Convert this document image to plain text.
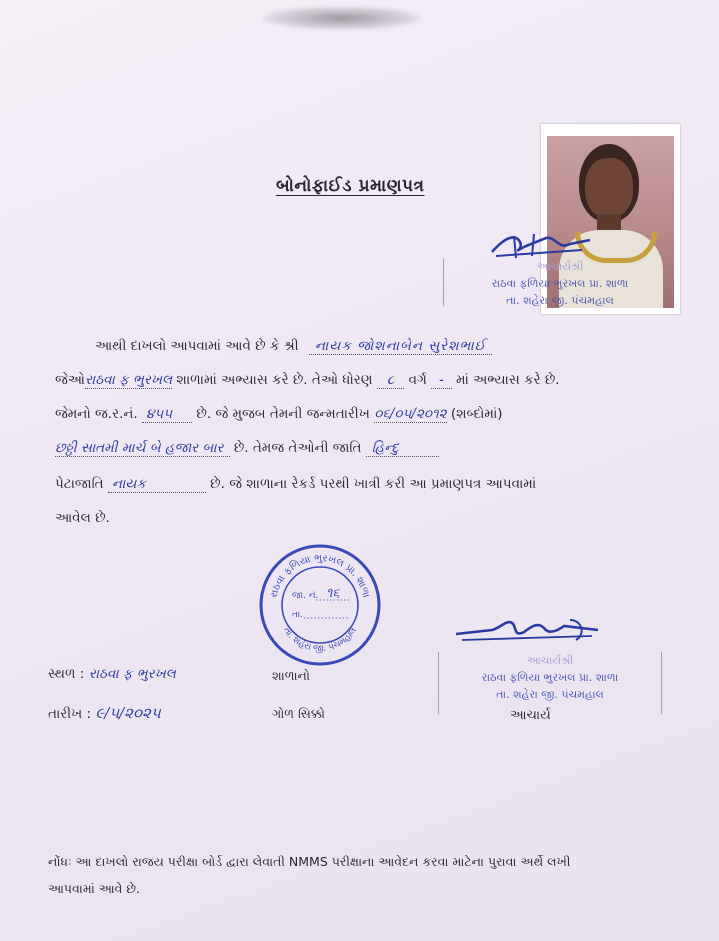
બોનોફાઈડ પ્રમાણપત્ર
આચાર્યશ્રી
રાઠવા ફળિયા ભુરખલ પ્રા. શાળા
તા. શહેરા જી. પંચમહાલ
આથી દાખલો આપવામાં આવે છે કે શ્રી નાયક જોશનાબેન સુરેશભાઈ
જેઓરાઠવા ફ ભુરખલ શાળામાં અભ્યાસ કરે છે. તેઓ ધોરણ ૮ વર્ગ - માં અભ્યાસ કરે છે.
જેમનો જ.ર.નં. ૪૫૫ છે. જે મુજબ તેમની જન્મતારીખ ૦૬/૦૫/૨૦૧૨ (શબ્દોમાં)
છઠ્ઠી સાતમી માર્ચ બે હજાર બાર છે. તેમજ તેઓની જાતિ હિન્દુ
પેટાજાતિ નાયક	છે. જે શાળાના રેકર્ડ પરથી ખાત્રી કરી આ પ્રમાણપત્ર આપવામાં
આવેલ છે.
રાઠવા ફળિયા ભુરખલ પ્રા. શાળા
તા. શહેરા જી. પંચમહાલ
જા. નં. ૧૬
તા.
આચાર્યશ્રી
રાઠવા ફળિયા ભુરખલ પ્રા. શાળા
તા. શહેરા જી. પંચમહાલ
આચાર્ય
સ્થળ : રાઠવા ફ ભુરખલ
તારીખ : ૯/૫/૨૦૨૫
શાળાનો
ગોળ સિક્કો
નોંધઃ આ દાખલો રાજય પરીક્ષા બોર્ડ દ્વારા લેવાતી NMMS પરીક્ષાના આવેદન કરવા માટેના પુરાવા અર્થે લખી
આપવામાં આવે છે.
